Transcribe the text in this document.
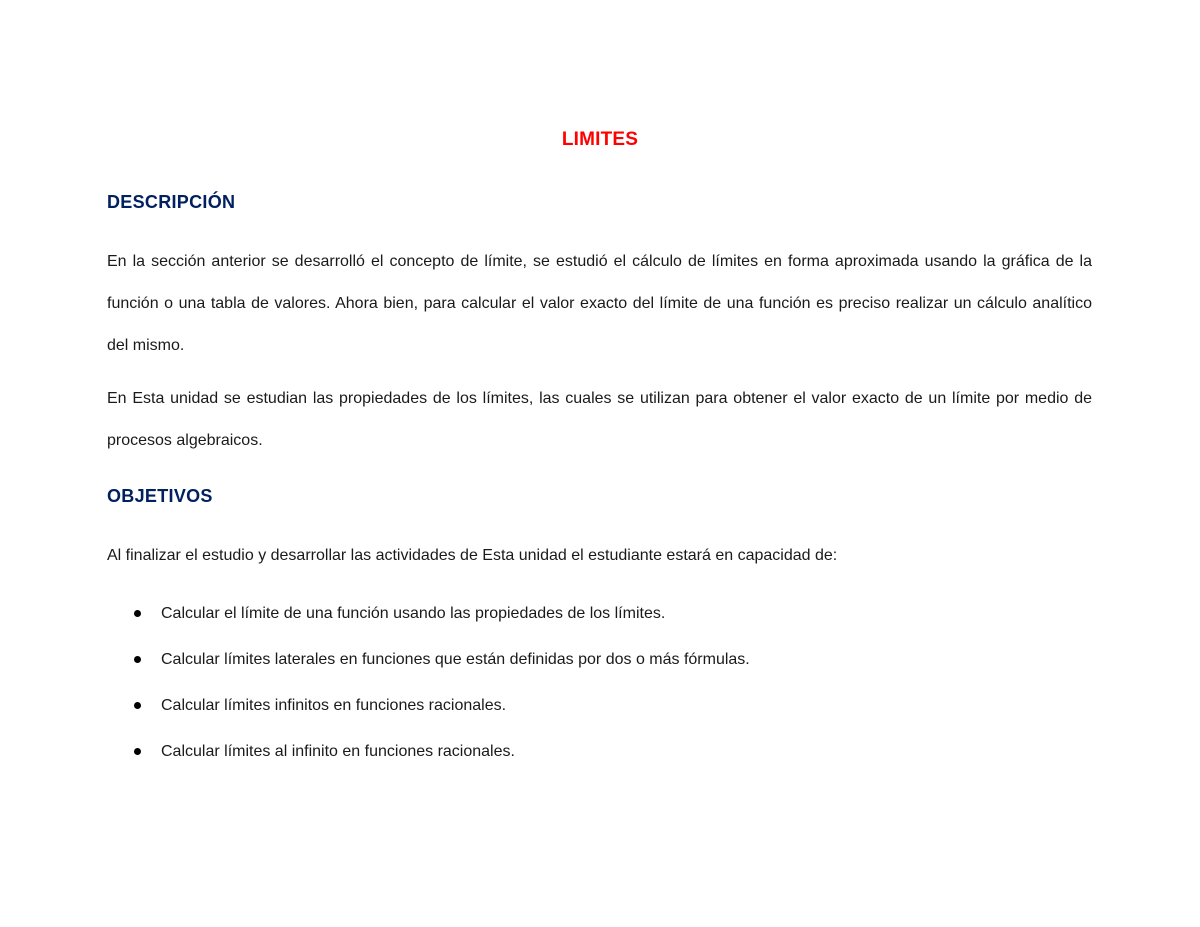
LIMITES
DESCRIPCIÓN

En la sección anterior se desarrolló el concepto de límite, se estudió el cálculo de límites en forma aproximada usando la gráfica de la función o una tabla de valores. Ahora bien, para calcular el valor exacto del límite de una función es preciso realizar un cálculo analítico del mismo.

En Esta unidad se estudian las propiedades de los límites, las cuales se utilizan para obtener el valor exacto de un límite por medio de procesos algebraicos.

OBJETIVOS

Al finalizar el estudio y desarrollar las actividades de Esta unidad el estudiante estará en capacidad de:

Calcular el límite de una función usando las propiedades de los límites.
Calcular límites laterales en funciones que están definidas por dos o más fórmulas.
Calcular límites infinitos en funciones racionales.
Calcular límites al infinito en funciones racionales.
